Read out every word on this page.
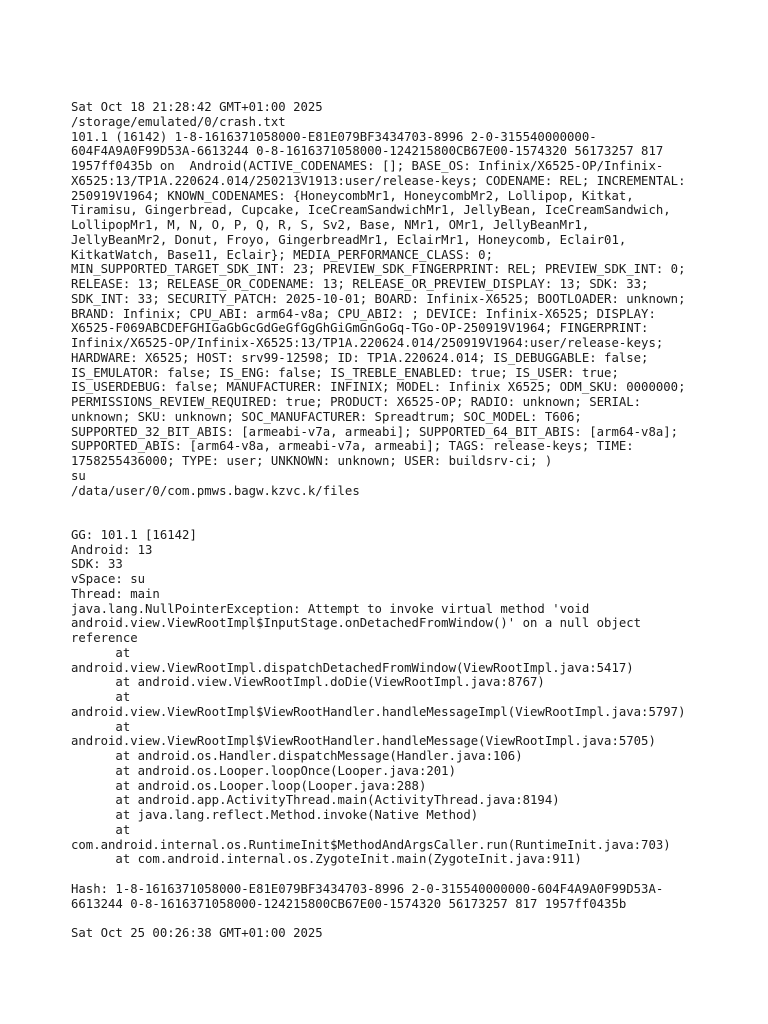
Sat Oct 18 21:28:42 GMT+01:00 2025
/storage/emulated/0/crash.txt
101.1 (16142) 1-8-1616371058000-E81E079BF3434703-8996 2-0-315540000000-
604F4A9A0F99D53A-6613244 0-8-1616371058000-124215800CB67E00-1574320 56173257 817
1957ff0435b on  Android(ACTIVE_CODENAMES: []; BASE_OS: Infinix/X6525-OP/Infinix-
X6525:13/TP1A.220624.014/250213V1913:user/release-keys; CODENAME: REL; INCREMENTAL:
250919V1964; KNOWN_CODENAMES: {HoneycombMr1, HoneycombMr2, Lollipop, Kitkat,
Tiramisu, Gingerbread, Cupcake, IceCreamSandwichMr1, JellyBean, IceCreamSandwich,
LollipopMr1, M, N, O, P, Q, R, S, Sv2, Base, NMr1, OMr1, JellyBeanMr1,
JellyBeanMr2, Donut, Froyo, GingerbreadMr1, EclairMr1, Honeycomb, Eclair01,
KitkatWatch, Base11, Eclair}; MEDIA_PERFORMANCE_CLASS: 0;
MIN_SUPPORTED_TARGET_SDK_INT: 23; PREVIEW_SDK_FINGERPRINT: REL; PREVIEW_SDK_INT: 0;
RELEASE: 13; RELEASE_OR_CODENAME: 13; RELEASE_OR_PREVIEW_DISPLAY: 13; SDK: 33;
SDK_INT: 33; SECURITY_PATCH: 2025-10-01; BOARD: Infinix-X6525; BOOTLOADER: unknown;
BRAND: Infinix; CPU_ABI: arm64-v8a; CPU_ABI2: ; DEVICE: Infinix-X6525; DISPLAY:
X6525-F069ABCDEFGHIGaGbGcGdGeGfGgGhGiGmGnGoGq-TGo-OP-250919V1964; FINGERPRINT:
Infinix/X6525-OP/Infinix-X6525:13/TP1A.220624.014/250919V1964:user/release-keys;
HARDWARE: X6525; HOST: srv99-12598; ID: TP1A.220624.014; IS_DEBUGGABLE: false;
IS_EMULATOR: false; IS_ENG: false; IS_TREBLE_ENABLED: true; IS_USER: true;
IS_USERDEBUG: false; MANUFACTURER: INFINIX; MODEL: Infinix X6525; ODM_SKU: 0000000;
PERMISSIONS_REVIEW_REQUIRED: true; PRODUCT: X6525-OP; RADIO: unknown; SERIAL:
unknown; SKU: unknown; SOC_MANUFACTURER: Spreadtrum; SOC_MODEL: T606;
SUPPORTED_32_BIT_ABIS: [armeabi-v7a, armeabi]; SUPPORTED_64_BIT_ABIS: [arm64-v8a];
SUPPORTED_ABIS: [arm64-v8a, armeabi-v7a, armeabi]; TAGS: release-keys; TIME:
1758255436000; TYPE: user; UNKNOWN: unknown; USER: buildsrv-ci; )
su
/data/user/0/com.pmws.bagw.kzvc.k/files
GG: 101.1 [16142]
Android: 13
SDK: 33
vSpace: su
Thread: main
java.lang.NullPointerException: Attempt to invoke virtual method 'void
android.view.ViewRootImpl$InputStage.onDetachedFromWindow()' on a null object
reference
at
android.view.ViewRootImpl.dispatchDetachedFromWindow(ViewRootImpl.java:5417)
at android.view.ViewRootImpl.doDie(ViewRootImpl.java:8767)
at
android.view.ViewRootImpl$ViewRootHandler.handleMessageImpl(ViewRootImpl.java:5797)
at
android.view.ViewRootImpl$ViewRootHandler.handleMessage(ViewRootImpl.java:5705)
at android.os.Handler.dispatchMessage(Handler.java:106)
at android.os.Looper.loopOnce(Looper.java:201)
at android.os.Looper.loop(Looper.java:288)
at android.app.ActivityThread.main(ActivityThread.java:8194)
at java.lang.reflect.Method.invoke(Native Method)
at
com.android.internal.os.RuntimeInit$MethodAndArgsCaller.run(RuntimeInit.java:703)
at com.android.internal.os.ZygoteInit.main(ZygoteInit.java:911)
Hash: 1-8-1616371058000-E81E079BF3434703-8996 2-0-315540000000-604F4A9A0F99D53A-
6613244 0-8-1616371058000-124215800CB67E00-1574320 56173257 817 1957ff0435b
Sat Oct 25 00:26:38 GMT+01:00 2025
